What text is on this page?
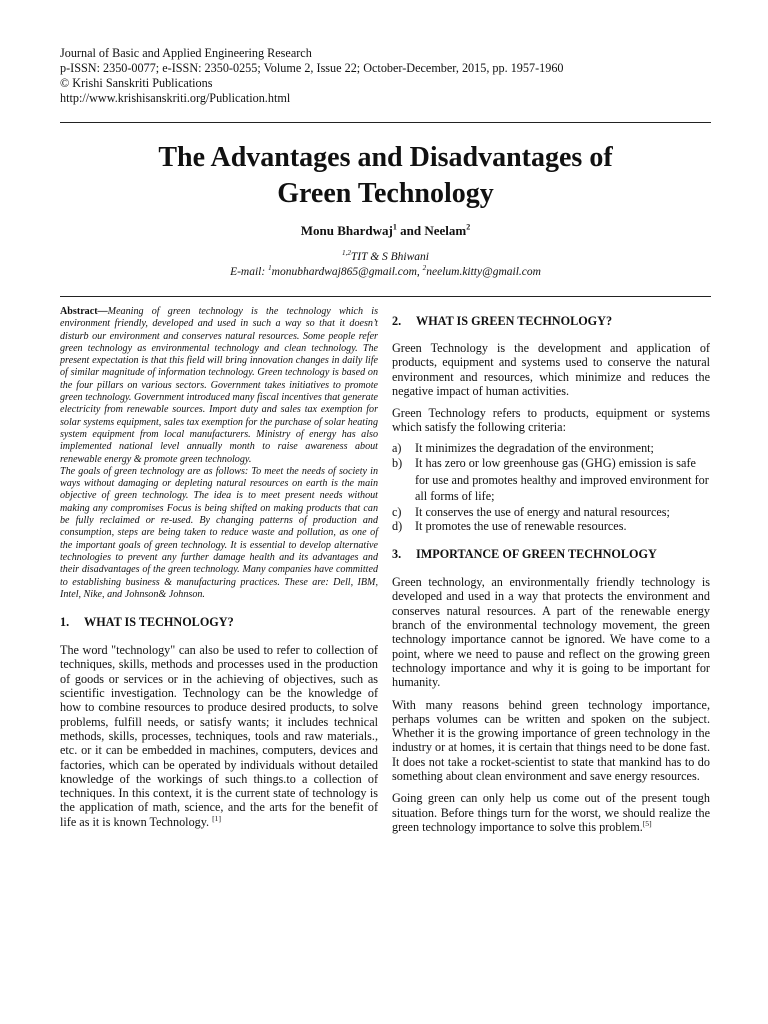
Journal of Basic and Applied Engineering Research
p-ISSN: 2350-0077; e-ISSN: 2350-0255; Volume 2, Issue 22; October-December, 2015, pp. 1957-1960
© Krishi Sanskriti Publications
http://www.krishisanskriti.org/Publication.html
The Advantages and Disadvantages of
Green Technology
Monu Bhardwaj$^1$ and Neelam$^2$
$^{1,2}$TIT & S Bhiwani
E-mail: $^1$monubhardwaj865@gmail.com, $^2$neelum.kitty@gmail.com

Abstract—Meaning of green technology is the technology which is environment friendly, developed and used in such a way so that it doesn’t disturb our environment and conserves natural resources. Some people refer green technology as environmental technology and clean technology. The present expectation is that this field will bring innovation changes in daily life of similar magnitude of information technology. Green technology is based on the four pillars on various sectors. Government takes initiatives to promote green technology. Government introduced many fiscal incentives that generate electricity from renewable sources. Import duty and sales tax exemption for solar systems equipment, sales tax exemption for the purchase of solar heating system equipment from local manufacturers. Ministry of energy has also implemented national level annually month to raise awareness about renewable energy & promote green technology.

The goals of green technology are as follows: To meet the needs of society in ways without damaging or depleting natural resources on earth is the main objective of green technology. The idea is to meet present needs without making any compromises Focus is being shifted on making products that can be fully reclaimed or re-used. By changing patterns of production and consumption, steps are being taken to reduce waste and pollution, as one of the important goals of green technology. It is essential to develop alternative technologies to prevent any further damage health and its advantages and their disadvantages of the green technology. Many companies have committed to establishing business & manufacturing practices. These are: Dell, IBM, Intel, Nike, and Johnson& Johnson.

1. WHAT IS TECHNOLOGY?

The word "technology" can also be used to refer to collection of techniques, skills, methods and processes used in the production of goods or services or in the achieving of objectives, such as scientific investigation. Technology can be the knowledge of how to combine resources to produce desired products, to solve problems, fulfill needs, or satisfy wants; it includes technical methods, skills, processes, techniques, tools and raw materials., etc. or it can be embedded in machines, computers, devices and factories, which can be operated by individuals without detailed knowledge of the workings of such things.to a collection of techniques. In this context, it is the current state of technology is the application of math, science, and the arts for the benefit of life as it is known Technology. [1]

2. WHAT IS GREEN TECHNOLOGY?

Green Technology is the development and application of products, equipment and systems used to conserve the natural environment and resources, which minimize and reduces the negative impact of human activities.

Green Technology refers to products, equipment or systems which satisfy the following criteria:

a) It minimizes the degradation of the environment;
b) It has zero or low greenhouse gas (GHG) emission is safe for use and promotes healthy and improved environment for all forms of life;
c) It conserves the use of energy and natural resources;
d) It promotes the use of renewable resources.
3. IMPORTANCE OF GREEN TECHNOLOGY

Green technology, an environmentally friendly technology is developed and used in a way that protects the environment and conserves natural resources. A part of the renewable energy branch of the environmental technology movement, the green technology importance cannot be ignored. We have come to a point, where we need to pause and reflect on the growing green technology importance and why it is going to be important for humanity.

With many reasons behind green technology importance, perhaps volumes can be written and spoken on the subject. Whether it is the growing importance of green technology in the industry or at homes, it is certain that things need to be done fast. It does not take a rocket-scientist to state that mankind has to do something about clean environment and save energy resources.

Going green can only help us come out of the present tough situation. Before things turn for the worst, we should realize the green technology importance to solve this problem.[5]
